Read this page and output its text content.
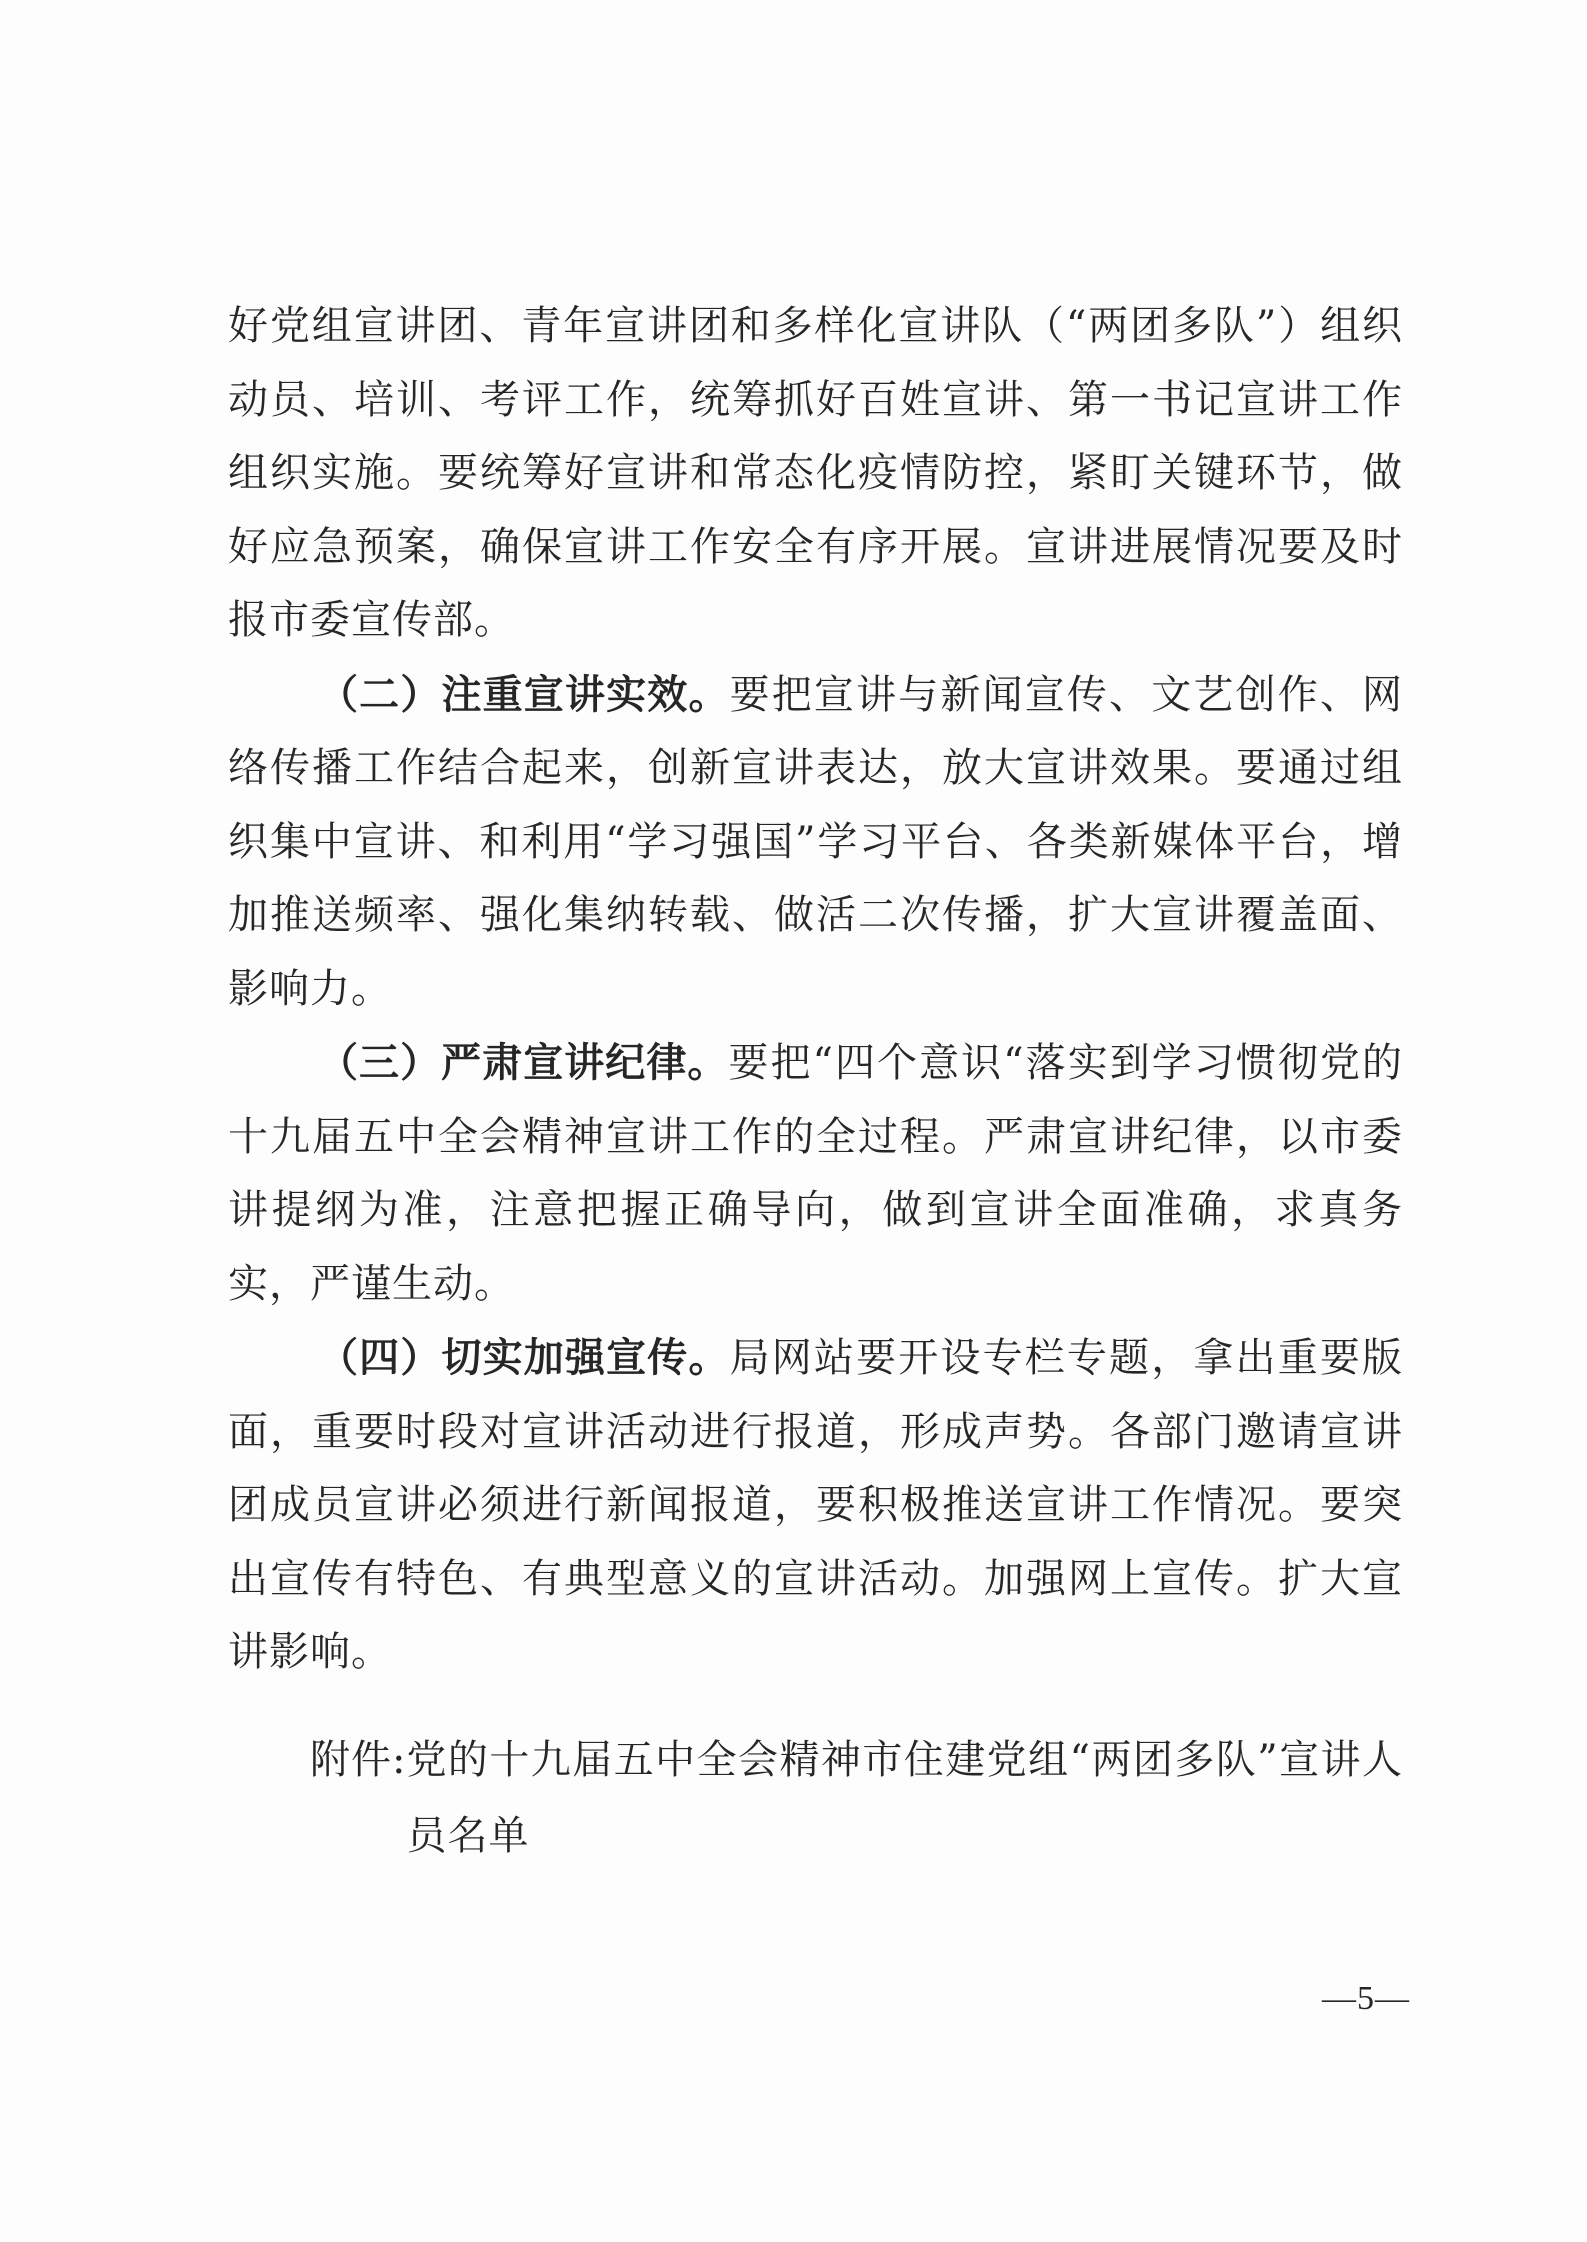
好党组宣讲团、青年宣讲团和多样化宣讲队（“两团多队”）组织动员、培训、考评工作，统筹抓好百姓宣讲、第一书记宣讲工作组织实施。要统筹好宣讲和常态化疫情防控，紧盯关键环节，做好应急预案，确保宣讲工作安全有序开展。宣讲进展情况要及时报市委宣传部。

（二）注重宣讲实效。要把宣讲与新闻宣传、文艺创作、网络传播工作结合起来，创新宣讲表达，放大宣讲效果。要通过组织集中宣讲、和利用“学习强国”学习平台、各类新媒体平台，增加推送频率、强化集纳转载、做活二次传播，扩大宣讲覆盖面、影响力。

（三）严肃宣讲纪律。要把“四个意识“落实到学习惯彻党的十九届五中全会精神宣讲工作的全过程。严肃宣讲纪律，以市委讲提纲为准，注意把握正确导向，做到宣讲全面准确，求真务实，严谨生动。

（四）切实加强宣传。局网站要开设专栏专题，拿出重要版面，重要时段对宣讲活动进行报道，形成声势。各部门邀请宣讲团成员宣讲必须进行新闻报道，要积极推送宣讲工作情况。要突出宣传有特色、有典型意义的宣讲活动。加强网上宣传。扩大宣讲影响。

附件: 党的十九届五中全会精神市住建党组“两团多队”宣讲人员名单
—5—
